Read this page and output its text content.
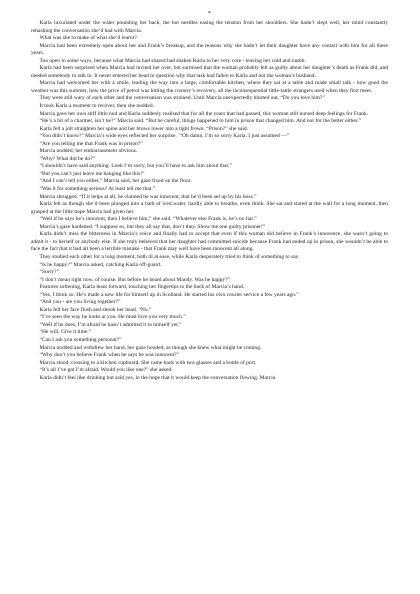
*

Karla luxuriated under the water pounding her back, the hot needles easing the tension from her shoulders. She hadn’t slept well, her mind constantly rehashing the conversation she’d had with Marcia.

What was she to make of what she’d learnt?

Marcia had been extremely open about her and Frank’s breakup, and the reasons why she hadn’t let their daughter have any contact with him for all these years.

Too open in some ways, because what Marcia had shared had shaken Karla to her very core - leaving her cold and numb.

Karla had been surprised when Marcia had invited her over, but surmised that the woman probably felt as guilty about her daughter’s death as Frank did, and needed somebody to talk to. It never entered her head to question why that task had fallen to Karla and not the woman’s husband.

Marcia had welcomed her with a smile, leading the way into a large, comfortable kitchen, where they sat at a table and made small talk - how good the weather was this summer, how the price of petrol was hitting the country’s recovery, all the inconsequential tittle-tattle strangers used when they first meet.

They were still wary of each other and the conversation was strained. Until Marcia unexpectedly blurted out, “Do you love him?”

It took Karla a moment to recover, then she nodded.

Marcia gave her own stiff little nod and Karla suddenly realised that for all the years that had passed, this woman still nursed deep feelings for Frank.

“He’s a bit of a charmer, isn’t he?” Marcia said. “But be careful, things happened to him in prison that changed him. And not for the better either.”

Karla felt a jolt straighten her spine and her brows lower into a tight frown. “Prison?” she said.

“You didn’t know?” Marcia’s wide eyes reflected her surprise . “Oh damn, I’m so sorry Karla. I just assumed —”

“Are you telling me that Frank was in prison?”

Marcia nodded, her embarrassment obvious.

“Why? What did he do?”

“I shouldn’t have said anything. Look I’m sorry, but you’ll have to ask him about that.”

“But you can’t just leave me hanging like this!”

“And I can’t tell you either,” Marcia said, her gaze fixed on the floor.

“Was it for something serious? At least tell me that.”

Marcia shrugged. “If it helps at all, he claimed he was innocent, that he’d been set up by his boss.”

Karla felt as though she’d been plunged into a bath of iced water, hardly able to breathe, even think. She sat and stared at the wall for a long moment, then grasped at the little hope Marcia had given her.

“Well if he says he’s innocent, then I believe him,” she said. “Whatever else Frank is, he’s no liar.”

Marcia’s gaze hardened. “I suppose so, but they all say that, don’t they. Show me one guilty prisoner!”

Karla didn’t miss the bitterness in Marcia’s voice and finally had to accept that even if this woman did believe in Frank’s innocence, she wasn’t going to admit it - to herself or anybody else. If she truly believed that her daughter had committed suicide because Frank had ended up in prison, she wouldn’t be able to face the fact that it had all been a terrible mistake - that Frank may well have been innocent all along.

They studied each other for a long moment, both ill at ease, while Karla desperately tried to think of something to say.

“Is he happy?” Marcia asked, catching Karla off-guard.

“Sorry?”

“I don’t mean right now, of course. But before he heard about Mandy. Was he happy?”

Features softening, Karla leant forward, touching her fingertips to the back of Marcia’s hand.

“Yes, I think so. He’s made a new life for himself up in Scotland. He started his own courier service a few years ago.”

“And you - are you living together?”

Karla felt her face flush and shook her head. “No.”

“I’ve seen the way he looks at you. He must love you very much.”

“Well if he does, I’m afraid he hasn’t admitted it to himself yet.”

“He will. Give it time.”

“Can I ask you something personal?”

Marcia nodded and withdrew her hand, her gaze hooded, as though she knew what might be coming.

“Why don’t you believe Frank when he says he was innocent?”

Marcia stood, crossing to a kitchen cupboard. She came back with two glasses and a bottle of port.

“It’s all I’ve got I’m afraid. Would you like one?” she asked.

Karla didn’t feel like drinking but said yes, in the hope that it would keep the conversation flowing. Marcia
